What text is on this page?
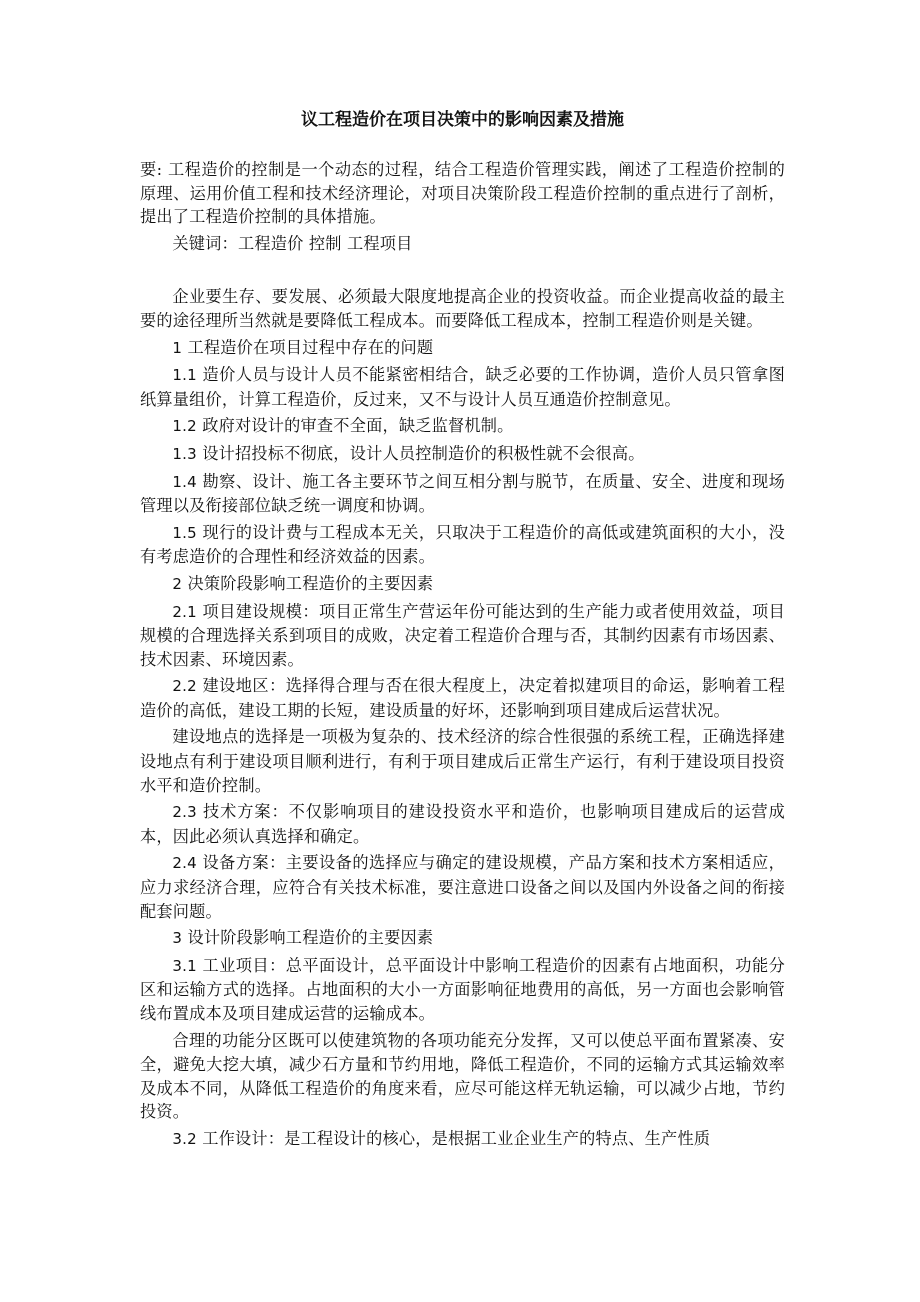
议工程造价在项目决策中的影响因素及措施

要: 工程造价的控制是一个动态的过程，结合工程造价管理实践，阐述了工程造价控制的原理、运用价值工程和技术经济理论，对项目决策阶段工程造价控制的重点进行了剖析，提出了工程造价控制的具体措施。

关键词：工程造价 控制 工程项目

企业要生存、要发展、必须最大限度地提高企业的投资收益。而企业提高收益的最主要的途径理所当然就是要降低工程成本。而要降低工程成本，控制工程造价则是关键。

1 工程造价在项目过程中存在的问题

1.1 造价人员与设计人员不能紧密相结合，缺乏必要的工作协调，造价人员只管拿图纸算量组价，计算工程造价，反过来，又不与设计人员互通造价控制意见。

1.2 政府对设计的审查不全面，缺乏监督机制。

1.3 设计招投标不彻底，设计人员控制造价的积极性就不会很高。

1.4 勘察、设计、施工各主要环节之间互相分割与脱节，在质量、安全、进度和现场管理以及衔接部位缺乏统一调度和协调。

1.5 现行的设计费与工程成本无关，只取决于工程造价的高低或建筑面积的大小，没有考虑造价的合理性和经济效益的因素。

2 决策阶段影响工程造价的主要因素

2.1 项目建设规模：项目正常生产营运年份可能达到的生产能力或者使用效益，项目规模的合理选择关系到项目的成败，决定着工程造价合理与否，其制约因素有市场因素、技术因素、环境因素。

2.2 建设地区：选择得合理与否在很大程度上，决定着拟建项目的命运，影响着工程造价的高低，建设工期的长短，建设质量的好坏，还影响到项目建成后运营状况。

建设地点的选择是一项极为复杂的、技术经济的综合性很强的系统工程，正确选择建设地点有利于建设项目顺利进行，有利于项目建成后正常生产运行，有利于建设项目投资水平和造价控制。

2.3 技术方案：不仅影响项目的建设投资水平和造价，也影响项目建成后的运营成本，因此必须认真选择和确定。

2.4 设备方案：主要设备的选择应与确定的建设规模，产品方案和技术方案相适应，应力求经济合理，应符合有关技术标准，要注意进口设备之间以及国内外设备之间的衔接配套问题。

3 设计阶段影响工程造价的主要因素

3.1 工业项目：总平面设计，总平面设计中影响工程造价的因素有占地面积，功能分区和运输方式的选择。占地面积的大小一方面影响征地费用的高低，另一方面也会影响管线布置成本及项目建成运营的运输成本。

合理的功能分区既可以使建筑物的各项功能充分发挥，又可以使总平面布置紧凑、安全，避免大挖大填，减少石方量和节约用地，降低工程造价，不同的运输方式其运输效率及成本不同，从降低工程造价的角度来看，应尽可能这样无轨运输，可以减少占地，节约投资。

3.2 工作设计：是工程设计的核心，是根据工业企业生产的特点、生产性质
